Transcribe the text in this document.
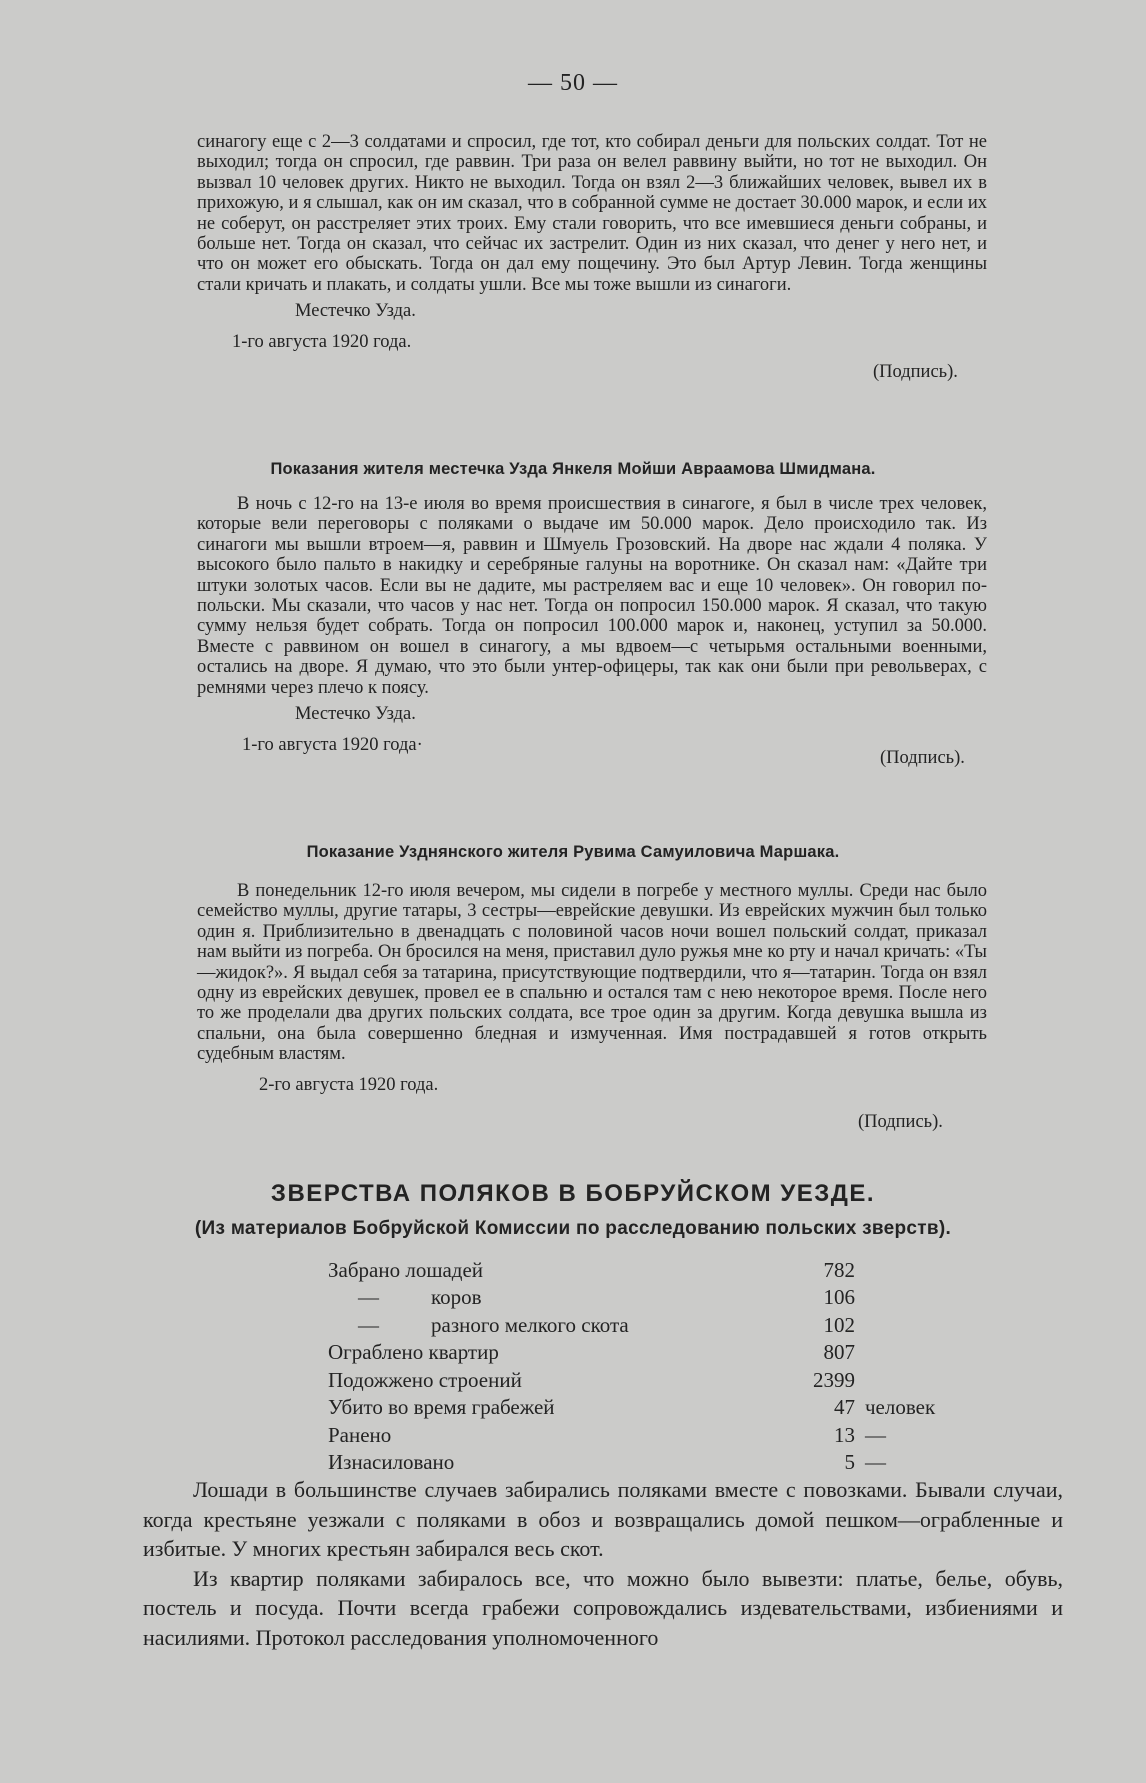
— 50 —

синагогу еще с 2—3 солдатами и спросил, где тот, кто собирал деньги для польских солдат. Тот не выходил; тогда он спросил, где раввин. Три раза он велел раввину выйти, но тот не выходил. Он вызвал 10 человек других. Никто не выходил. Тогда он взял 2—3 ближайших человек, вывел их в прихожую, и я слышал, как он им сказал, что в собранной сумме не достает 30.000 марок, и если их не соберут, он расстреляет этих троих. Ему стали говорить, что все имевшиеся деньги собраны, и больше нет. Тогда он сказал, что сейчас их застрелит. Один из них сказал, что денег у него нет, и что он может его обыскать. Тогда он дал ему пощечину. Это был Артур Левин. Тогда женщины стали кричать и плакать, и солдаты ушли. Все мы тоже вышли из синагоги.

Местечко Узда.
1-го августа 1920 года.
(Подпись).
Показания жителя местечка Узда Янкеля Мойши Авраамова Шмидмана.

В ночь с 12-го на 13-е июля во время происшествия в синагоге, я был в числе трех человек, которые вели переговоры с поляками о выдаче им 50.000 марок. Дело происходило так. Из синагоги мы вышли втроем—я, раввин и Шмуель Грозовский. На дворе нас ждали 4 поляка. У высокого было пальто в накидку и серебряные галуны на воротнике. Он сказал нам: «Дайте три штуки золотых часов. Если вы не дадите, мы растреляем вас и еще 10 человек». Он говорил по-польски. Мы сказали, что часов у нас нет. Тогда он попросил 150.000 марок. Я сказал, что такую сумму нельзя будет собрать. Тогда он попросил 100.000 марок и, наконец, уступил за 50.000. Вместе с раввином он вошел в синагогу, а мы вдвоем—с четырьмя остальными военными, остались на дворе. Я думаю, что это были унтер-офицеры, так как они были при револьверах, с ремнями через плечо к поясу.

Местечко Узда.
1-го августа 1920 года·
(Подпись).
Показание Узднянского жителя Рувима Самуиловича Маршака.

В понедельник 12-го июля вечером, мы сидели в погребе у местного муллы. Среди нас было семейство муллы, другие татары, 3 сестры—еврейские девушки. Из еврейских мужчин был только один я. Приблизительно в двенадцать с половиной часов ночи вошел польский солдат, приказал нам выйти из погреба. Он бросился на меня, приставил дуло ружья мне ко рту и начал кричать: «Ты—жидок?». Я выдал себя за татарина, присутствующие подтвердили, что я—татарин. Тогда он взял одну из еврейских девушек, провел ее в спальню и остался там с нею некоторое время. После него то же проделали два других польских солдата, все трое один за другим. Когда девушка вышла из спальни, она была совершенно бледная и измученная. Имя пострадавшей я готов открыть судебным властям.

2-го августа 1920 года.
(Подпись).
ЗВЕРСТВА ПОЛЯКОВ В БОБРУЙСКОМ УЕЗДЕ.
(Из материалов Бобруйской Комиссии по расследованию польских зверств).
Забрано лошадей	782	
— коров	106	
— разного мелкого скота	102	
Ограблено квартир	807	
Подожжено строений	2399	
Убито во время грабежей	47	человек
Ранено	13	—
Изнасиловано	5	—

Лошади в большинстве случаев забирались поляками вместе с повозками. Бывали случаи, когда крестьяне уезжали с поляками в обоз и возвращались домой пешком—ограбленные и избитые. У многих крестьян забирался весь скот.

Из квартир поляками забиралось все, что можно было вывезти: платье, белье, обувь, постель и посуда. Почти всегда грабежи сопровождались издевательствами, избиениями и насилиями. Протокол расследования уполномоченного
